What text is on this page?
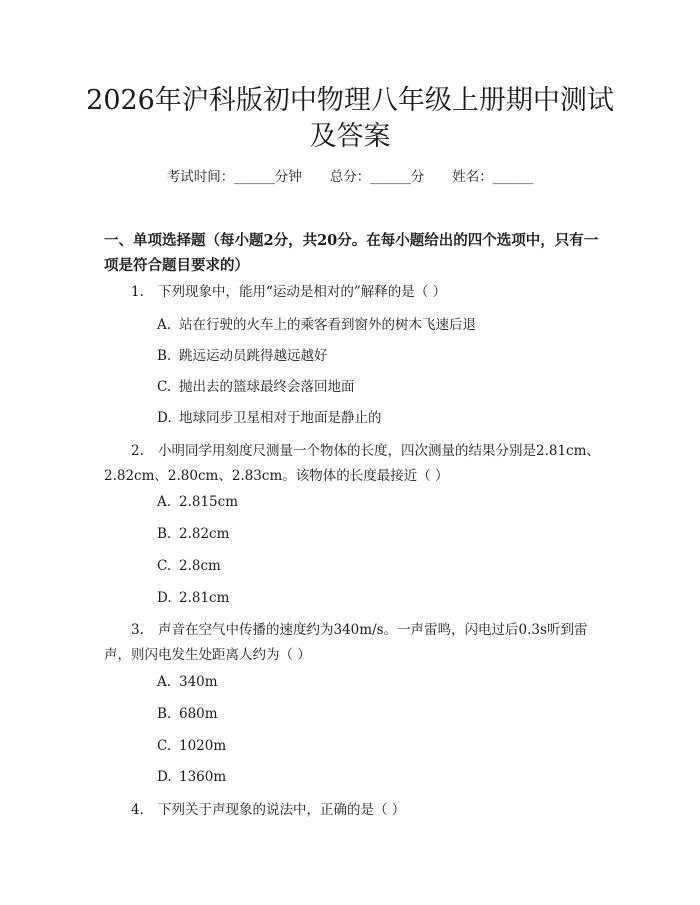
2026年沪科版初中物理八年级上册期中测试
及答案
考试时间：______分钟 总分：______分 姓名：______

一、单项选择题（每小题2分，共20分。在每小题给出的四个选项中，只有一项是符合题目要求的）

1. 下列现象中，能用“运动是相对的”解释的是（ ）

A. 站在行驶的火车上的乘客看到窗外的树木飞速后退

B. 跳远运动员跳得越远越好

C. 抛出去的篮球最终会落回地面

D. 地球同步卫星相对于地面是静止的

2. 小明同学用刻度尺测量一个物体的长度，四次测量的结果分别是2.81cm、2.82cm、2.80cm、2.83cm。该物体的长度最接近（ ）

A. 2.815cm

B. 2.82cm

C. 2.8cm

D. 2.81cm

3. 声音在空气中传播的速度约为340m/s。一声雷鸣，闪电过后0.3s听到雷声，则闪电发生处距离人约为（ ）

A. 340m

B. 680m

C. 1020m

D. 1360m

4. 下列关于声现象的说法中，正确的是（ ）
